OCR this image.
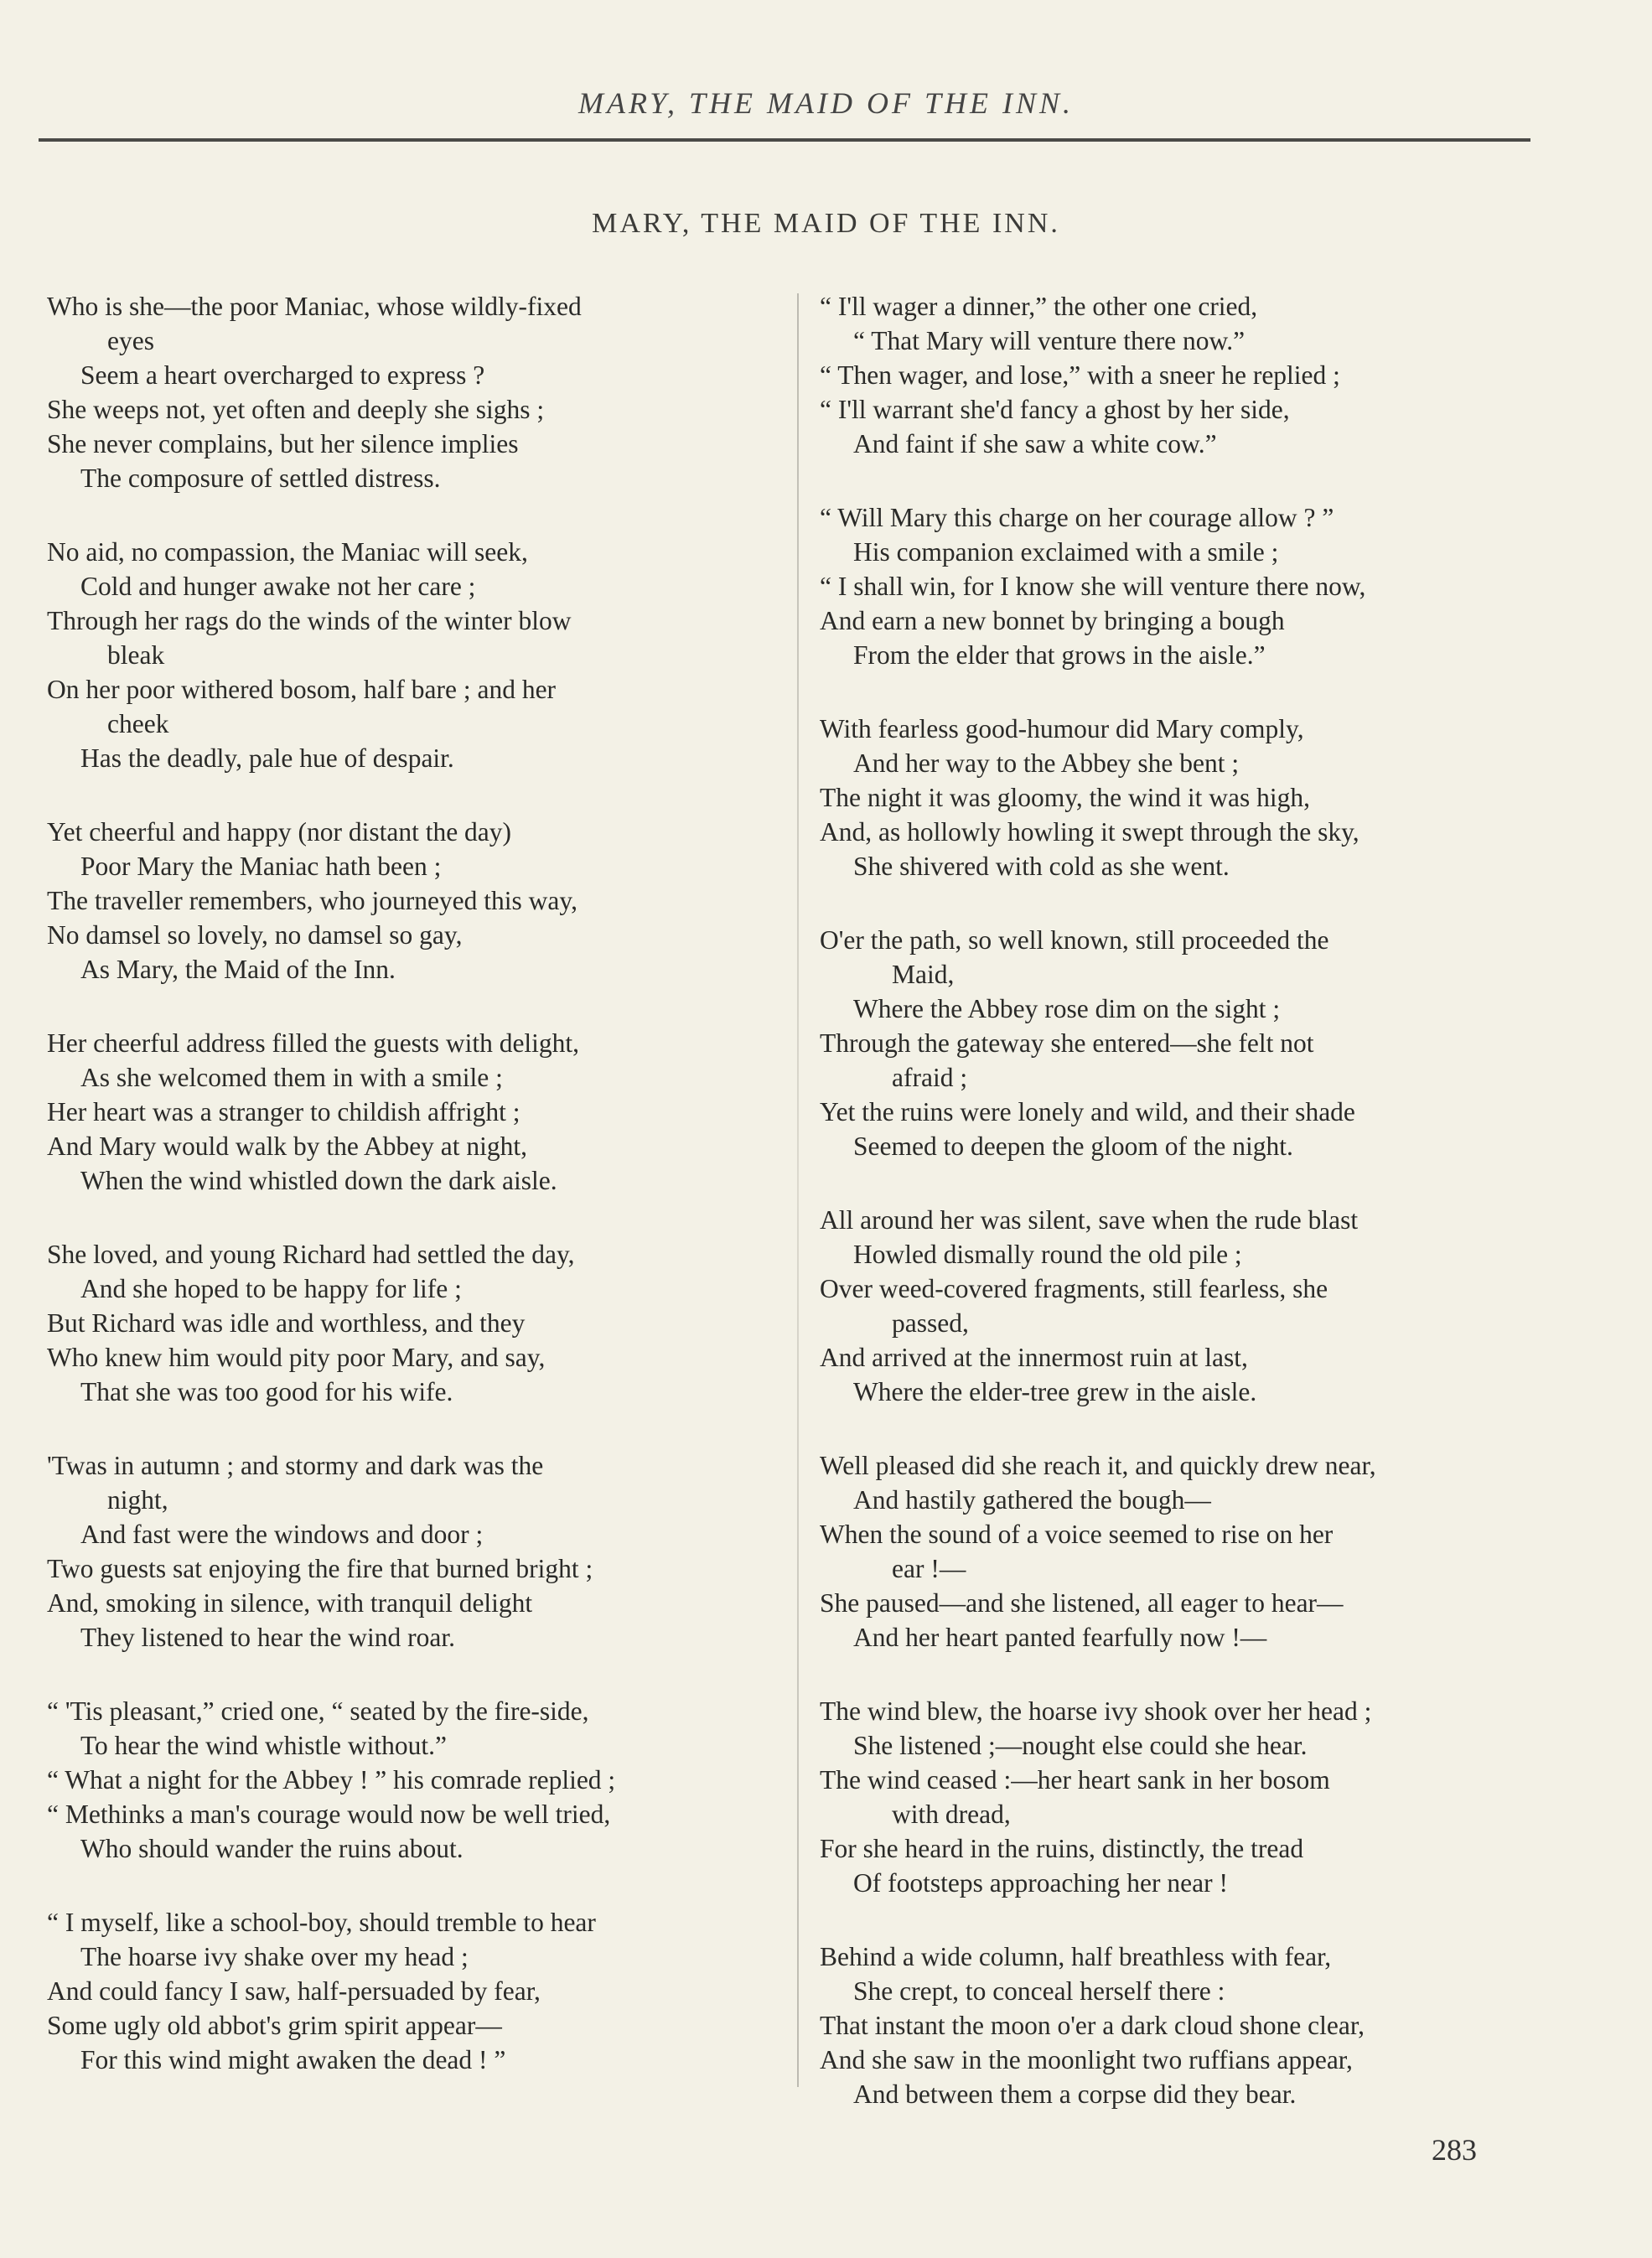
MARY, THE MAID OF THE INN.
MARY, THE MAID OF THE INN.
Who is she—the poor Maniac, whose wildly-fixed
eyes
Seem a heart overcharged to express ?
She weeps not, yet often and deeply she sighs ;
She never complains, but her silence implies
The composure of settled distress.
No aid, no compassion, the Maniac will seek,
Cold and hunger awake not her care ;
Through her rags do the winds of the winter blow
bleak
On her poor withered bosom, half bare ; and her
cheek
Has the deadly, pale hue of despair.
Yet cheerful and happy (nor distant the day)
Poor Mary the Maniac hath been ;
The traveller remembers, who journeyed this way,
No damsel so lovely, no damsel so gay,
As Mary, the Maid of the Inn.
Her cheerful address filled the guests with delight,
As she welcomed them in with a smile ;
Her heart was a stranger to childish affright ;
And Mary would walk by the Abbey at night,
When the wind whistled down the dark aisle.
She loved, and young Richard had settled the day,
And she hoped to be happy for life ;
But Richard was idle and worthless, and they
Who knew him would pity poor Mary, and say,
That she was too good for his wife.
'Twas in autumn ; and stormy and dark was the
night,
And fast were the windows and door ;
Two guests sat enjoying the fire that burned bright ;
And, smoking in silence, with tranquil delight
They listened to hear the wind roar.
“ 'Tis pleasant,” cried one, “ seated by the fire-side,
To hear the wind whistle without.”
“ What a night for the Abbey ! ” his comrade replied ;
“ Methinks a man's courage would now be well tried,
Who should wander the ruins about.
“ I myself, like a school-boy, should tremble to hear
The hoarse ivy shake over my head ;
And could fancy I saw, half-persuaded by fear,
Some ugly old abbot's grim spirit appear—
For this wind might awaken the dead ! ”
“ I'll wager a dinner,” the other one cried,
“ That Mary will venture there now.”
“ Then wager, and lose,” with a sneer he replied ;
“ I'll warrant she'd fancy a ghost by her side,
And faint if she saw a white cow.”
“ Will Mary this charge on her courage allow ? ”
His companion exclaimed with a smile ;
“ I shall win, for I know she will venture there now,
And earn a new bonnet by bringing a bough
From the elder that grows in the aisle.”
With fearless good-humour did Mary comply,
And her way to the Abbey she bent ;
The night it was gloomy, the wind it was high,
And, as hollowly howling it swept through the sky,
She shivered with cold as she went.
O'er the path, so well known, still proceeded the
Maid,
Where the Abbey rose dim on the sight ;
Through the gateway she entered—she felt not
afraid ;
Yet the ruins were lonely and wild, and their shade
Seemed to deepen the gloom of the night.
All around her was silent, save when the rude blast
Howled dismally round the old pile ;
Over weed-covered fragments, still fearless, she
passed,
And arrived at the innermost ruin at last,
Where the elder-tree grew in the aisle.
Well pleased did she reach it, and quickly drew near,
And hastily gathered the bough—
When the sound of a voice seemed to rise on her
ear !—
She paused—and she listened, all eager to hear—
And her heart panted fearfully now !—
The wind blew, the hoarse ivy shook over her head ;
She listened ;—nought else could she hear.
The wind ceased :—her heart sank in her bosom
with dread,
For she heard in the ruins, distinctly, the tread
Of footsteps approaching her near !
Behind a wide column, half breathless with fear,
She crept, to conceal herself there :
That instant the moon o'er a dark cloud shone clear,
And she saw in the moonlight two ruffians appear,
And between them a corpse did they bear.
283
